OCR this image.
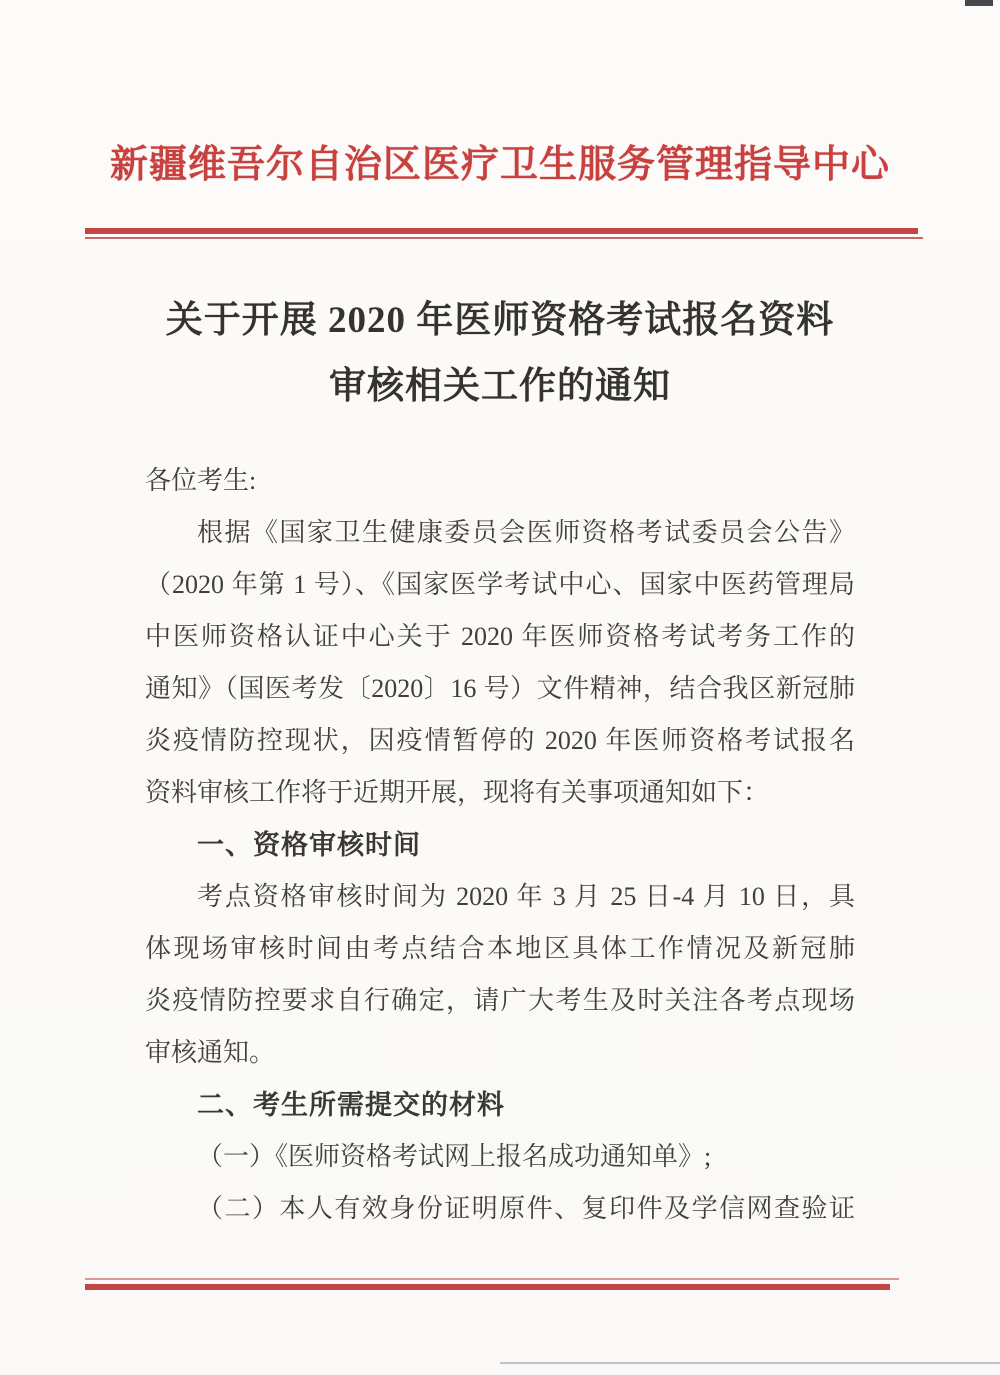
新疆维吾尔自治区医疗卫生服务管理指导中心
关于开展 2020 年医师资格考试报名资料
审核相关工作的通知
各位考生:
根据《国家卫生健康委员会医师资格考试委员会公告》
（2020 年第 1 号）、《国家医学考试中心、国家中医药管理局
中医师资格认证中心关于 2020 年医师资格考试考务工作的
通知》（国医考发〔2020〕16 号）文件精神，结合我区新冠肺
炎疫情防控现状，因疫情暂停的 2020 年医师资格考试报名
资料审核工作将于近期开展，现将有关事项通知如下：
一、资格审核时间
考点资格审核时间为 2020 年 3 月 25 日-4 月 10 日，具
体现场审核时间由考点结合本地区具体工作情况及新冠肺
炎疫情防控要求自行确定，请广大考生及时关注各考点现场
审核通知。
二、考生所需提交的材料
（一）《医师资格考试网上报名成功通知单》;
（二）本人有效身份证明原件、复印件及学信网查验证
